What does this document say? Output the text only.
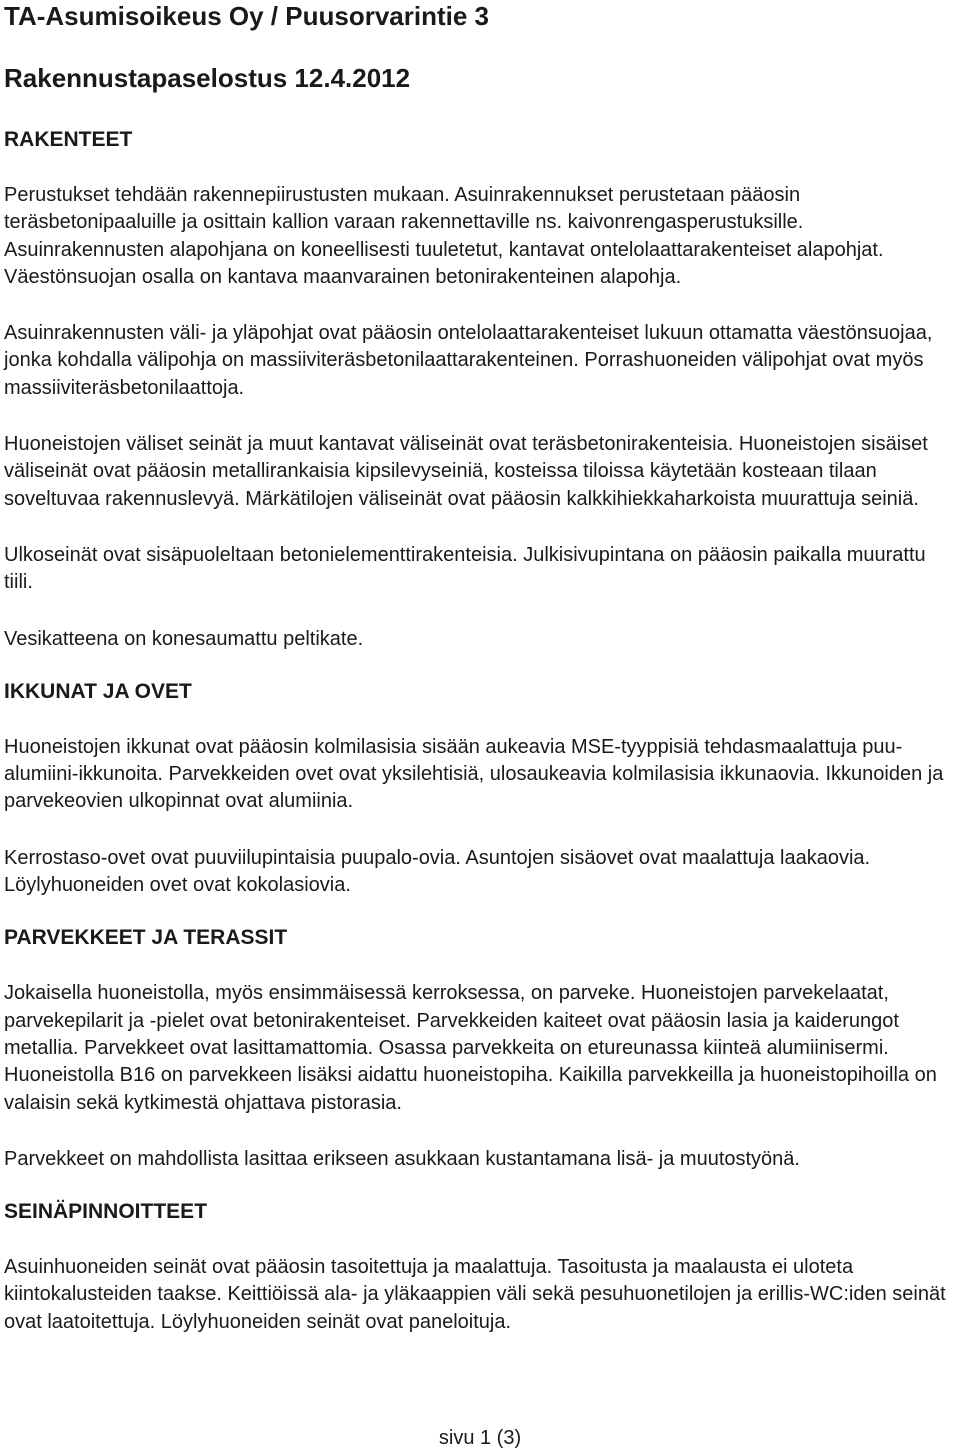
TA-Asumisoikeus Oy / Puusorvarintie 3
Rakennustapaselostus 12.4.2012
RAKENTEET

Perustukset tehdään rakennepiirustusten mukaan. Asuinrakennukset perustetaan pääosin teräsbetonipaaluille ja osittain kallion varaan rakennettaville ns. kaivonrengasperustuksille. Asuinrakennusten alapohjana on koneellisesti tuuletetut, kantavat ontelolaattarakenteiset alapohjat. Väestönsuojan osalla on kantava maanvarainen betonirakenteinen alapohja.

Asuinrakennusten väli- ja yläpohjat ovat pääosin ontelolaattarakenteiset lukuun ottamatta väestönsuojaa, jonka kohdalla välipohja on massiiviteräsbetonilaattarakenteinen. Porrashuoneiden välipohjat ovat myös massiiviteräsbetonilaattoja.

Huoneistojen väliset seinät ja muut kantavat väliseinät ovat teräsbetonirakenteisia. Huoneistojen sisäiset väliseinät ovat pääosin metallirankaisia kipsilevyseiniä, kosteissa tiloissa käytetään kosteaan tilaan soveltuvaa rakennuslevyä. Märkätilojen väliseinät ovat pääosin kalkkihiekkaharkoista muurattuja seiniä.

Ulkoseinät ovat sisäpuoleltaan betonielementtirakenteisia. Julkisivupintana on pääosin paikalla muurattu tiili.

Vesikatteena on konesaumattu peltikate.

IKKUNAT JA OVET

Huoneistojen ikkunat ovat pääosin kolmilasisia sisään aukeavia MSE-tyyppisiä tehdasmaalattuja puu-alumiini-ikkunoita. Parvekkeiden ovet ovat yksilehtisiä, ulosaukeavia kolmilasisia ikkunaovia. Ikkunoiden ja parvekeovien ulkopinnat ovat alumiinia.

Kerrostaso-ovet ovat puuviilupintaisia puupalo-ovia. Asuntojen sisäovet ovat maalattuja laakaovia. Löylyhuoneiden ovet ovat kokolasiovia.

PARVEKKEET JA TERASSIT

Jokaisella huoneistolla, myös ensimmäisessä kerroksessa, on parveke. Huoneistojen parvekelaatat, parvekepilarit ja -pielet ovat betonirakenteiset. Parvekkeiden kaiteet ovat pääosin lasia ja kaiderungot metallia. Parvekkeet ovat lasittamattomia. Osassa parvekkeita on etureunassa kiinteä alumiinisermi. Huoneistolla B16 on parvekkeen lisäksi aidattu huoneistopiha. Kaikilla parvekkeilla ja huoneistopihoilla on valaisin sekä kytkimestä ohjattava pistorasia.

Parvekkeet on mahdollista lasittaa erikseen asukkaan kustantamana lisä- ja muutostyönä.

SEINÄPINNOITTEET

Asuinhuoneiden seinät ovat pääosin tasoitettuja ja maalattuja. Tasoitusta ja maalausta ei uloteta kiintokalusteiden taakse. Keittiöissä ala- ja yläkaappien väli sekä pesuhuonetilojen ja erillis-WC:iden seinät ovat laatoitettuja. Löylyhuoneiden seinät ovat paneloituja.

sivu 1 (3)
